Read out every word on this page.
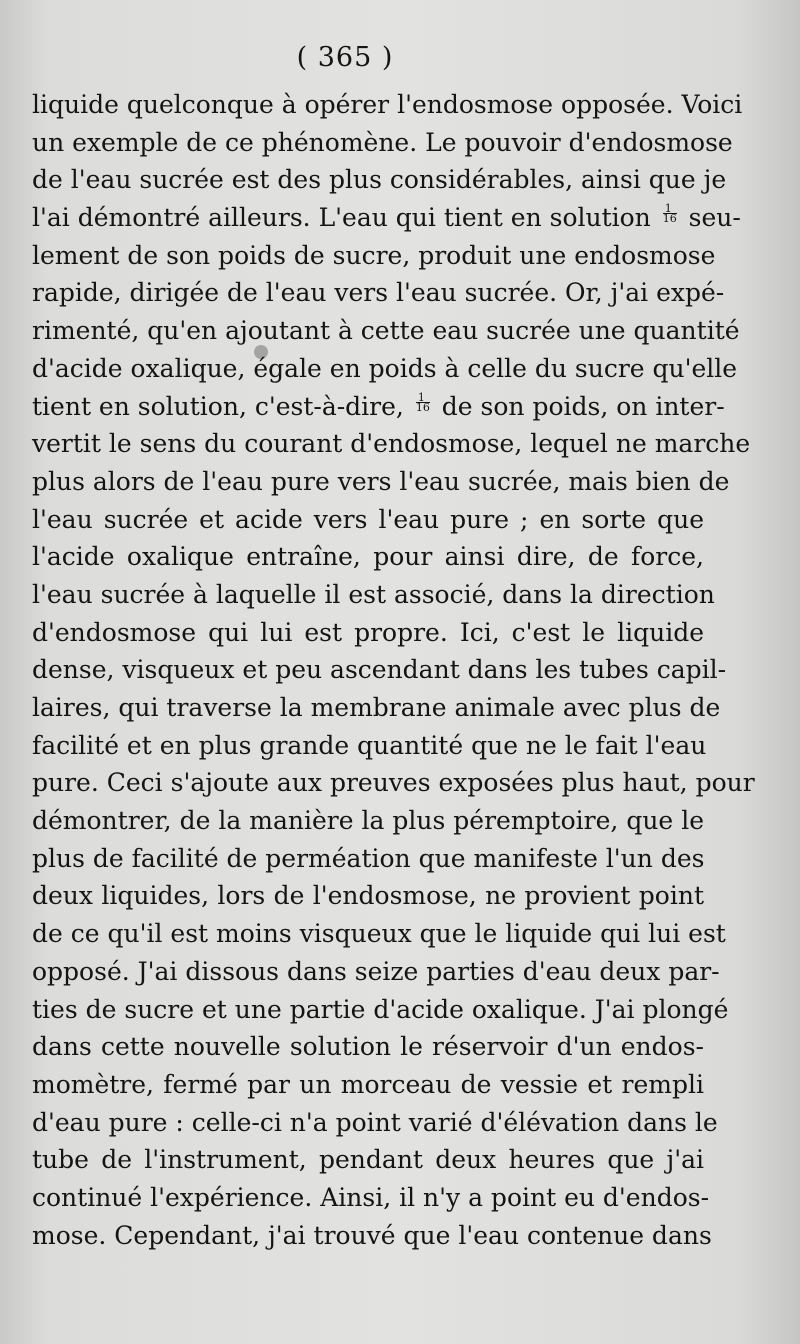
( 365 )
liquide quelconque à opérer l'endosmose opposée. Voici
un exemple de ce phénomène. Le pouvoir d'endosmose
de l'eau sucrée est des plus considérables, ainsi que je
l'ai démontré ailleurs. L'eau qui tient en solution $\frac{1}{16} seu-$
lement de son poids de sucre, produit une endosmose
rapide, dirigée de l'eau vers l'eau sucrée. Or, j'ai expé-
rimenté, qu'en ajoutant à cette eau sucrée une quantité
d'acide oxalique, égale en poids à celle du sucre qu'elle
tient en solution, c'est-à-dire, $\frac{1}{16}$ de son poids, on inter-
vertit le sens du courant d'endosmose, lequel ne marche
plus alors de l'eau pure vers l'eau sucrée, mais bien de
l'eau sucrée et acide vers l'eau pure ; en sorte que
l'acide oxalique entraîne, pour ainsi dire, de force,
l'eau sucrée à laquelle il est associé, dans la direction
d'endosmose qui lui est propre. Ici, c'est le liquide
dense, visqueux et peu ascendant dans les tubes capil-
laires, qui traverse la membrane animale avec plus de
facilité et en plus grande quantité que ne le fait l'eau
pure. Ceci s'ajoute aux preuves exposées plus haut, pour
démontrer, de la manière la plus péremptoire, que le
plus de facilité de perméation que manifeste l'un des
deux liquides, lors de l'endosmose, ne provient point
de ce qu'il est moins visqueux que le liquide qui lui est
opposé. J'ai dissous dans seize parties d'eau deux par-
ties de sucre et une partie d'acide oxalique. J'ai plongé
dans cette nouvelle solution le réservoir d'un endos-
momètre, fermé par un morceau de vessie et rempli
d'eau pure : celle-ci n'a point varié d'élévation dans le
tube de l'instrument, pendant deux heures que j'ai
continué l'expérience. Ainsi, il n'y a point eu d'endos-
mose. Cependant, j'ai trouvé que l'eau contenue dans
